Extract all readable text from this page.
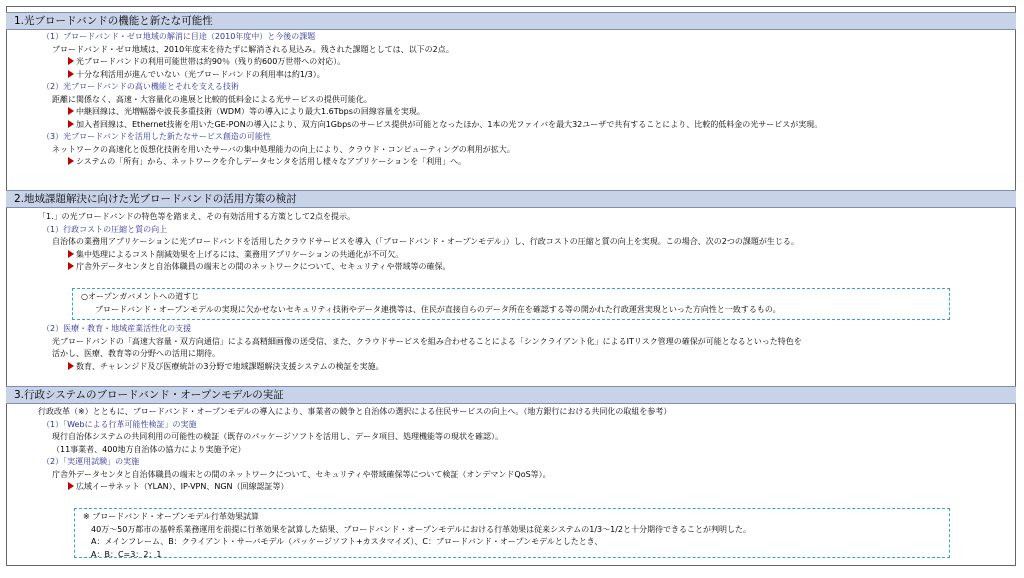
1.光ブロードバンドの機能と新たな可能性
（1）ブロードバンド・ゼロ地域の解消に目途（2010年度中）と今後の課題
ブロードバンド・ゼロ地域は、2010年度末を待たずに解消される見込み。残された課題としては、以下の2点。
光ブロードバンドの利用可能世帯は約90％（残り約600万世帯への対応）。
十分な利活用が進んでいない（光ブロードバンドの利用率は約1/3）。
（2）光ブロードバンドの高い機能とそれを支える技術
距離に関係なく、高速・大容量化の進展と比較的低料金による光サービスの提供可能化。
中継回線は、光増幅器や波長多重技術（WDM）等の導入により最大1.6Tbpsの回線容量を実現。
加入者回線は、Ethernet技術を用いたGE-PONの導入により、双方向1Gbpsのサービス提供が可能となったほか、1本の光ファイバを最大32ユーザで共有することにより、比較的低料金の光サービスが実現。
（3）光ブロードバンドを活用した新たなサービス創造の可能性
ネットワークの高速化と仮想化技術を用いたサーバの集中処理能力の向上により、クラウド・コンピューティングの利用が拡大。
システムの「所有」から、ネットワークを介しデータセンタを活用し様々なアプリケーションを「利用」へ。
2.地域課題解決に向けた光ブロードバンドの活用方策の検討
「1.」の光ブロードバンドの特色等を踏まえ、その有効活用する方策として2点を提示。
（1）行政コストの圧縮と質の向上
自治体の業務用アプリケーションに光ブロードバンドを活用したクラウドサービスを導入（「ブロードバンド・オープンモデル」）し、行政コストの圧縮と質の向上を実現。この場合、次の2つの課題が生じる。
集中処理によるコスト削減効果を上げるには、業務用アプリケーションの共通化が不可欠。
庁舎外データセンタと自治体職員の端末との間のネットワークについて、セキュリティや帯域等の確保。
○オープンガバメントへの道すじ
ブロードバンド・オープンモデルの実現に欠かせないセキュリティ技術やデータ連携等は、住民が直接自らのデータ所在を確認する等の開かれた行政運営実現といった方向性と一致するもの。
（2）医療・教育・地域産業活性化の支援
光ブロードバンドの「高速大容量・双方向通信」による高精細画像の送受信、また、クラウドサービスを組み合わせることによる「シンクライアント化」によるITリスク管理の確保が可能となるといった特色を
活かし、医療、教育等の分野への活用に期待。
数育、チャレンジド及び医療統計の3分野で地域課題解決支援システムの検証を実施。
3.行政システムのブロードバンド・オープンモデルの実証
行政改革（※）とともに、ブロードバンド・オープンモデルの導入により、事業者の競争と自治体の選択による住民サービスの向上へ。（地方銀行における共同化の取組を参考）
（1）「Webによる行革可能性検証」の実施
現行自治体システムの共同利用の可能性の検証（既存のパッケージソフトを活用し、データ項目、処理機能等の現状を確認）。
（11事業者、400地方自治体の協力により実施予定）
（2）「実運用試験」の実施
庁舎外データセンタと自治体職員の端末との間のネットワークについて、セキュリティや帯域確保等について検証（オンデマンドQoS等）。
広域イーサネット（YLAN）、IP-VPN、NGN（回線認証等）
※ ブロードバンド・オープンモデル行革効果試算
40万～50万都市の基幹系業務運用を前提に行革効果を試算した結果、ブロードバンド・オープンモデルにおける行革効果は従来システムの1/3～1/2と十分期待できることが判明した。
A：メインフレーム、B：クライアント・サーバモデル（パッケージソフト+カスタマイズ）、C：ブロードバンド・オープンモデルとしたとき、
A：B：C=3：2：1
